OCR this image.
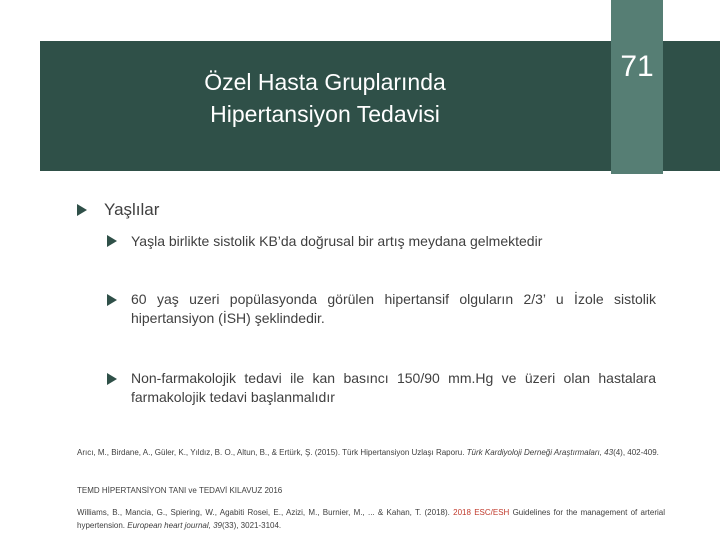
71
Özel Hasta Gruplarında
Hipertansiyon Tedavisi
Yaşlılar
Yaşla birlikte sistolik KB’da doğrusal bir artış meydana gelmektedir
60 yaş uzeri popülasyonda görülen hipertansif olguların 2/3’ u İzole sistolik hipertansiyon (İSH) şeklindedir.
Non-farmakolojik tedavi ile kan basıncı 150/90 mm.Hg ve üzeri olan hastalara farmakolojik tedavi başlanmalıdır
Arıcı, M., Birdane, A., Güler, K., Yıldız, B. O., Altun, B., & Ertürk, Ş. (2015). Türk Hipertansiyon Uzlaşı Raporu. Türk Kardiyoloji Derneği Araştırmaları, 43(4), 402-409.
TEMD HİPERTANSİYON TANI ve TEDAVİ KILAVUZ 2016
Williams, B., Mancia, G., Spiering, W., Agabiti Rosei, E., Azizi, M., Burnier, M., ... & Kahan, T. (2018). 2018 ESC/ESH Guidelines for the management of arterial hypertension. European heart journal, 39(33), 3021-3104.
